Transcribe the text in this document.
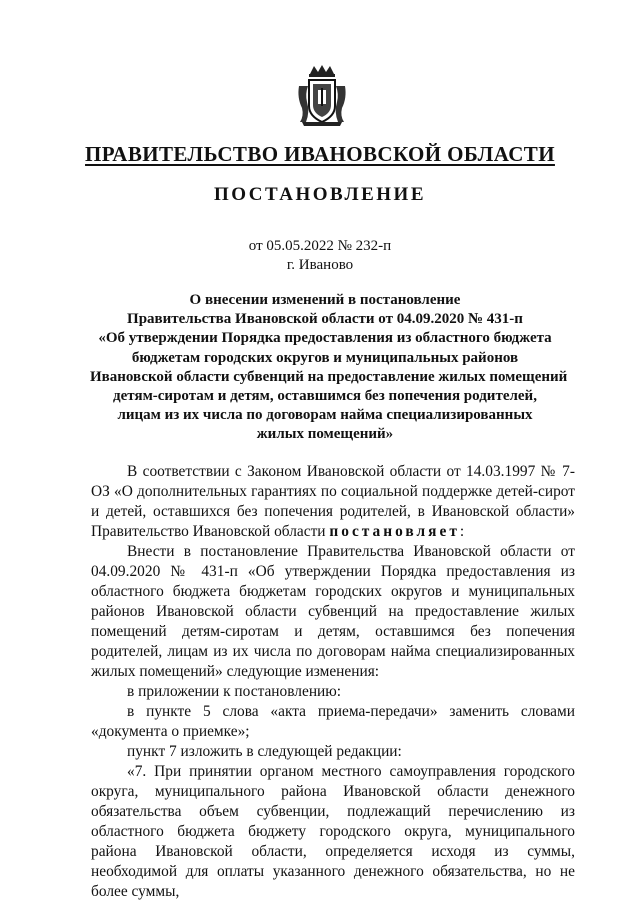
ПРАВИТЕЛЬСТВО ИВАНОВСКОЙ ОБЛАСТИ
ПОСТАНОВЛЕНИЕ
от 05.05.2022 № 232-п
г. Иваново
О внесении изменений в постановление
Правительства Ивановской области от 04.09.2020 № 431-п
«Об утверждении Порядка предоставления из областного бюджета
бюджетам городских округов и муниципальных районов
Ивановской области субвенций на предоставление жилых помещений
детям-сиротам и детям, оставшимся без попечения родителей,
лицам из их числа по договорам найма специализированных
жилых помещений»

В соответствии с Законом Ивановской области от 14.03.1997 № 7-ОЗ «О дополнительных гарантиях по социальной поддержке детей-сирот и детей, оставшихся без попечения родителей, в Ивановской области» Правительство Ивановской области постановляет:

Внести в постановление Правительства Ивановской области от 04.09.2020 № 431-п «Об утверждении Порядка предоставления из областного бюджета бюджетам городских округов и муниципальных районов Ивановской области субвенций на предоставление жилых помещений детям-сиротам и детям, оставшимся без попечения родителей, лицам из их числа по договорам найма специализированных жилых помещений» следующие изменения:

в приложении к постановлению:

в пункте 5 слова «акта приема-передачи» заменить словами «документа о приемке»;

пункт 7 изложить в следующей редакции:

«7. При принятии органом местного самоуправления городского округа, муниципального района Ивановской области денежного обязательства объем субвенции, подлежащий перечислению из областного бюджета бюджету городского округа, муниципального района Ивановской области, определяется исходя из суммы, необходимой для оплаты указанного денежного обязательства, но не более суммы,
